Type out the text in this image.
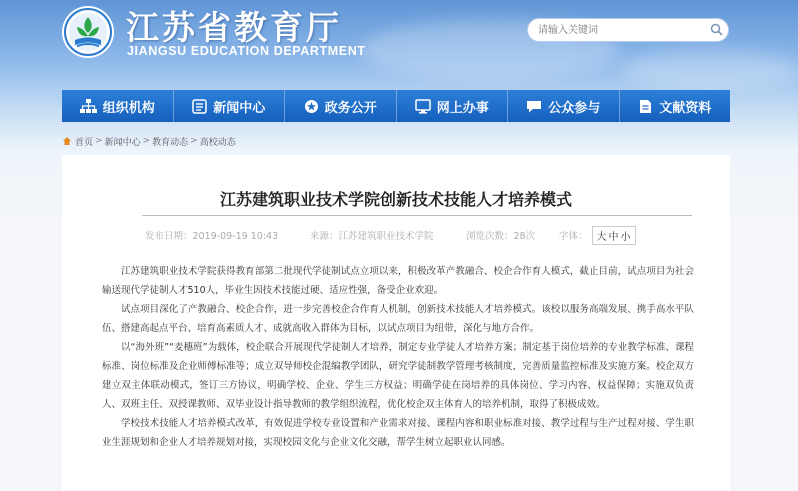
江苏省教育厅
JIANGSU EDUCATION DEPARTMENT
请输入关键词
组织机构	新闻中心	政务公开	网上办事	公众参与	文献资料
首页 > 新闻中心 > 教育动态 > 高校动态
江苏建筑职业技术学院创新技术技能人才培养模式
发布日期：2019-09-19 10:43	来源：江苏建筑职业技术学院	浏览次数：28次	字体： 大 中 小

江苏建筑职业技术学院获得教育部第二批现代学徒制试点立项以来，积极改革产教融合、校企合作育人模式，截止目前，试点项目为社会输送现代学徒制人才510人，毕业生因技术技能过硬、适应性强，备受企业欢迎。

试点项目深化了产教融合、校企合作，进一步完善校企合作育人机制，创新技术技能人才培养模式。该校以服务高端发展、携手高水平队伍、搭建高起点平台、培育高素质人才、成就高收入群体为目标，以试点项目为纽带，深化与地方合作。

以“海外班”“麦穗班”为载体，校企联合开展现代学徒制人才培养，制定专业学徒人才培养方案；制定基于岗位培养的专业教学标准、课程标准、岗位标准及企业师傅标准等；成立双导师校企混编教学团队，研究学徒制教学管理考核制度，完善质量监控标准及实施方案。校企双方建立双主体联动模式，签订三方协议，明确学校、企业、学生三方权益；明确学徒在岗培养的具体岗位、学习内容、权益保障；实施双负责人、双班主任、双授课教师、双毕业设计指导教师的教学组织流程，优化校企双主体育人的培养机制，取得了积极成效。

学校技术技能人才培养模式改革，有效促进学校专业设置和产业需求对接、课程内容和职业标准对接、教学过程与生产过程对接、学生职业生涯规划和企业人才培养规划对接，实现校园文化与企业文化交融，帮学生树立起职业认同感。
